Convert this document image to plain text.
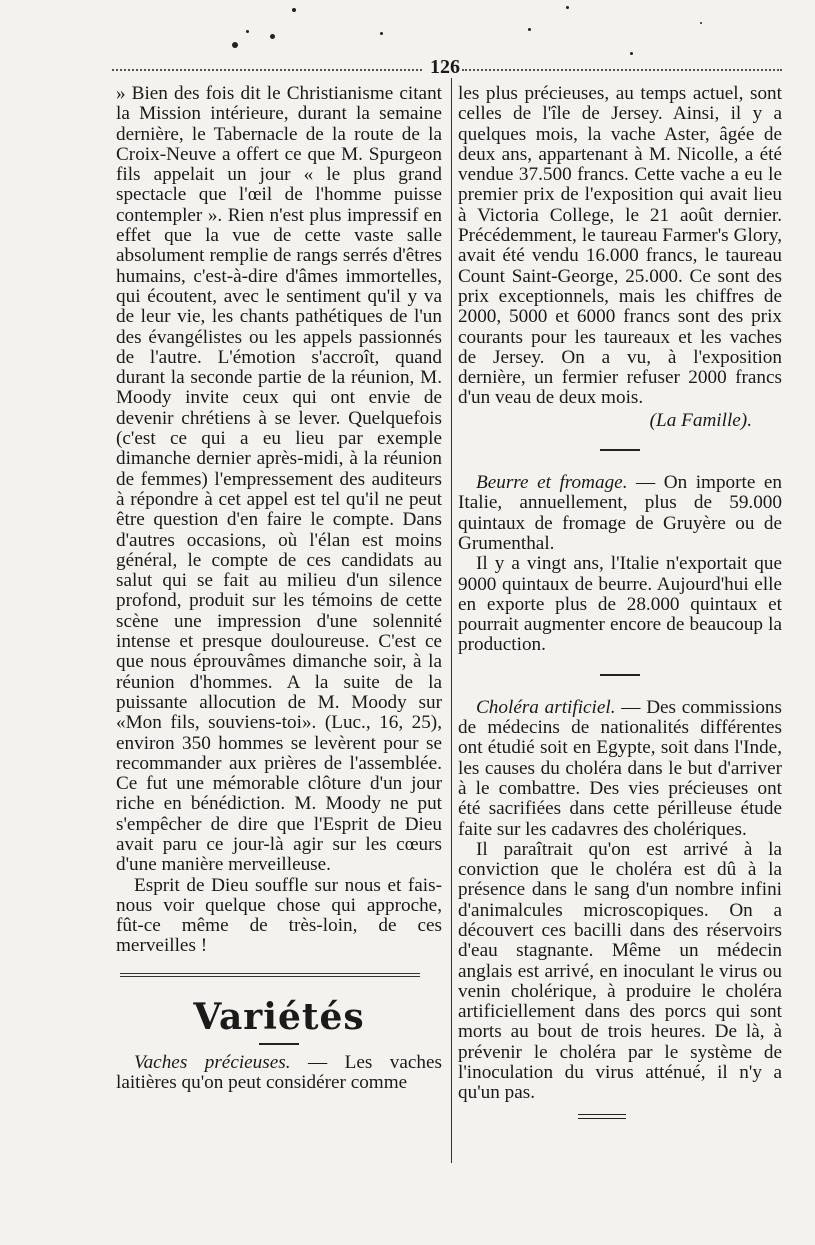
126

» Bien des fois dit le Christianisme citant la Mission intérieure, durant la semaine dernière, le Tabernacle de la route de la Croix-Neuve a offert ce que M. Spurgeon fils appelait un jour « le plus grand spectacle que l'œil de l'homme puisse contempler ». Rien n'est plus impressif en effet que la vue de cette vaste salle absolument remplie de rangs serrés d'êtres humains, c'est-à-dire d'âmes immortelles, qui écoutent, avec le sentiment qu'il y va de leur vie, les chants pathétiques de l'un des évangélistes ou les appels passionnés de l'autre. L'émotion s'accroît, quand durant la seconde partie de la réunion, M. Moody invite ceux qui ont envie de devenir chrétiens à se lever. Quelquefois (c'est ce qui a eu lieu par exemple dimanche dernier après-midi, à la réunion de femmes) l'empressement des auditeurs à répondre à cet appel est tel qu'il ne peut être question d'en faire le compte. Dans d'autres occasions, où l'élan est moins général, le compte de ces candidats au salut qui se fait au milieu d'un silence profond, produit sur les témoins de cette scène une impression d'une solennité intense et presque douloureuse. C'est ce que nous éprouvâmes dimanche soir, à la réunion d'hommes. A la suite de la puissante allocution de M. Moody sur «Mon fils, souviens-toi». (Luc., 16, 25), environ 350 hommes se levèrent pour se recommander aux prières de l'assemblée. Ce fut une mémorable clôture d'un jour riche en bénédiction. M. Moody ne put s'empêcher de dire que l'Esprit de Dieu avait paru ce jour-là agir sur les cœurs d'une manière merveilleuse.

Esprit de Dieu souffle sur nous et fais-nous voir quelque chose qui approche, fût-ce même de très-loin, de ces merveilles !

Variétés

Vaches précieuses. — Les vaches laitières qu'on peut considérer comme

les plus précieuses, au temps actuel, sont celles de l'île de Jersey. Ainsi, il y a quelques mois, la vache Aster, âgée de deux ans, appartenant à M. Nicolle, a été vendue 37.500 francs. Cette vache a eu le premier prix de l'exposition qui avait lieu à Victoria College, le 21 août dernier. Précédemment, le taureau Farmer's Glory, avait été vendu 16.000 francs, le taureau Count Saint-George, 25.000. Ce sont des prix exceptionnels, mais les chiffres de 2000, 5000 et 6000 francs sont des prix courants pour les taureaux et les vaches de Jersey. On a vu, à l'exposition dernière, un fermier refuser 2000 francs d'un veau de deux mois.

(La Famille).

Beurre et fromage. — On importe en Italie, annuellement, plus de 59.000 quintaux de fromage de Gruyère ou de Grumenthal.

Il y a vingt ans, l'Italie n'exportait que 9000 quintaux de beurre. Aujourd'hui elle en exporte plus de 28.000 quintaux et pourrait augmenter encore de beaucoup la production.

Choléra artificiel. — Des commissions de médecins de nationalités différentes ont étudié soit en Egypte, soit dans l'Inde, les causes du choléra dans le but d'arriver à le combattre. Des vies précieuses ont été sacrifiées dans cette périlleuse étude faite sur les cadavres des cholériques.

Il paraîtrait qu'on est arrivé à la conviction que le choléra est dû à la présence dans le sang d'un nombre infini d'animalcules microscopiques. On a découvert ces bacilli dans des réservoirs d'eau stagnante. Même un médecin anglais est arrivé, en inoculant le virus ou venin cholérique, à produire le choléra artificiellement dans des porcs qui sont morts au bout de trois heures. De là, à prévenir le choléra par le système de l'inoculation du virus atténué, il n'y a qu'un pas.
